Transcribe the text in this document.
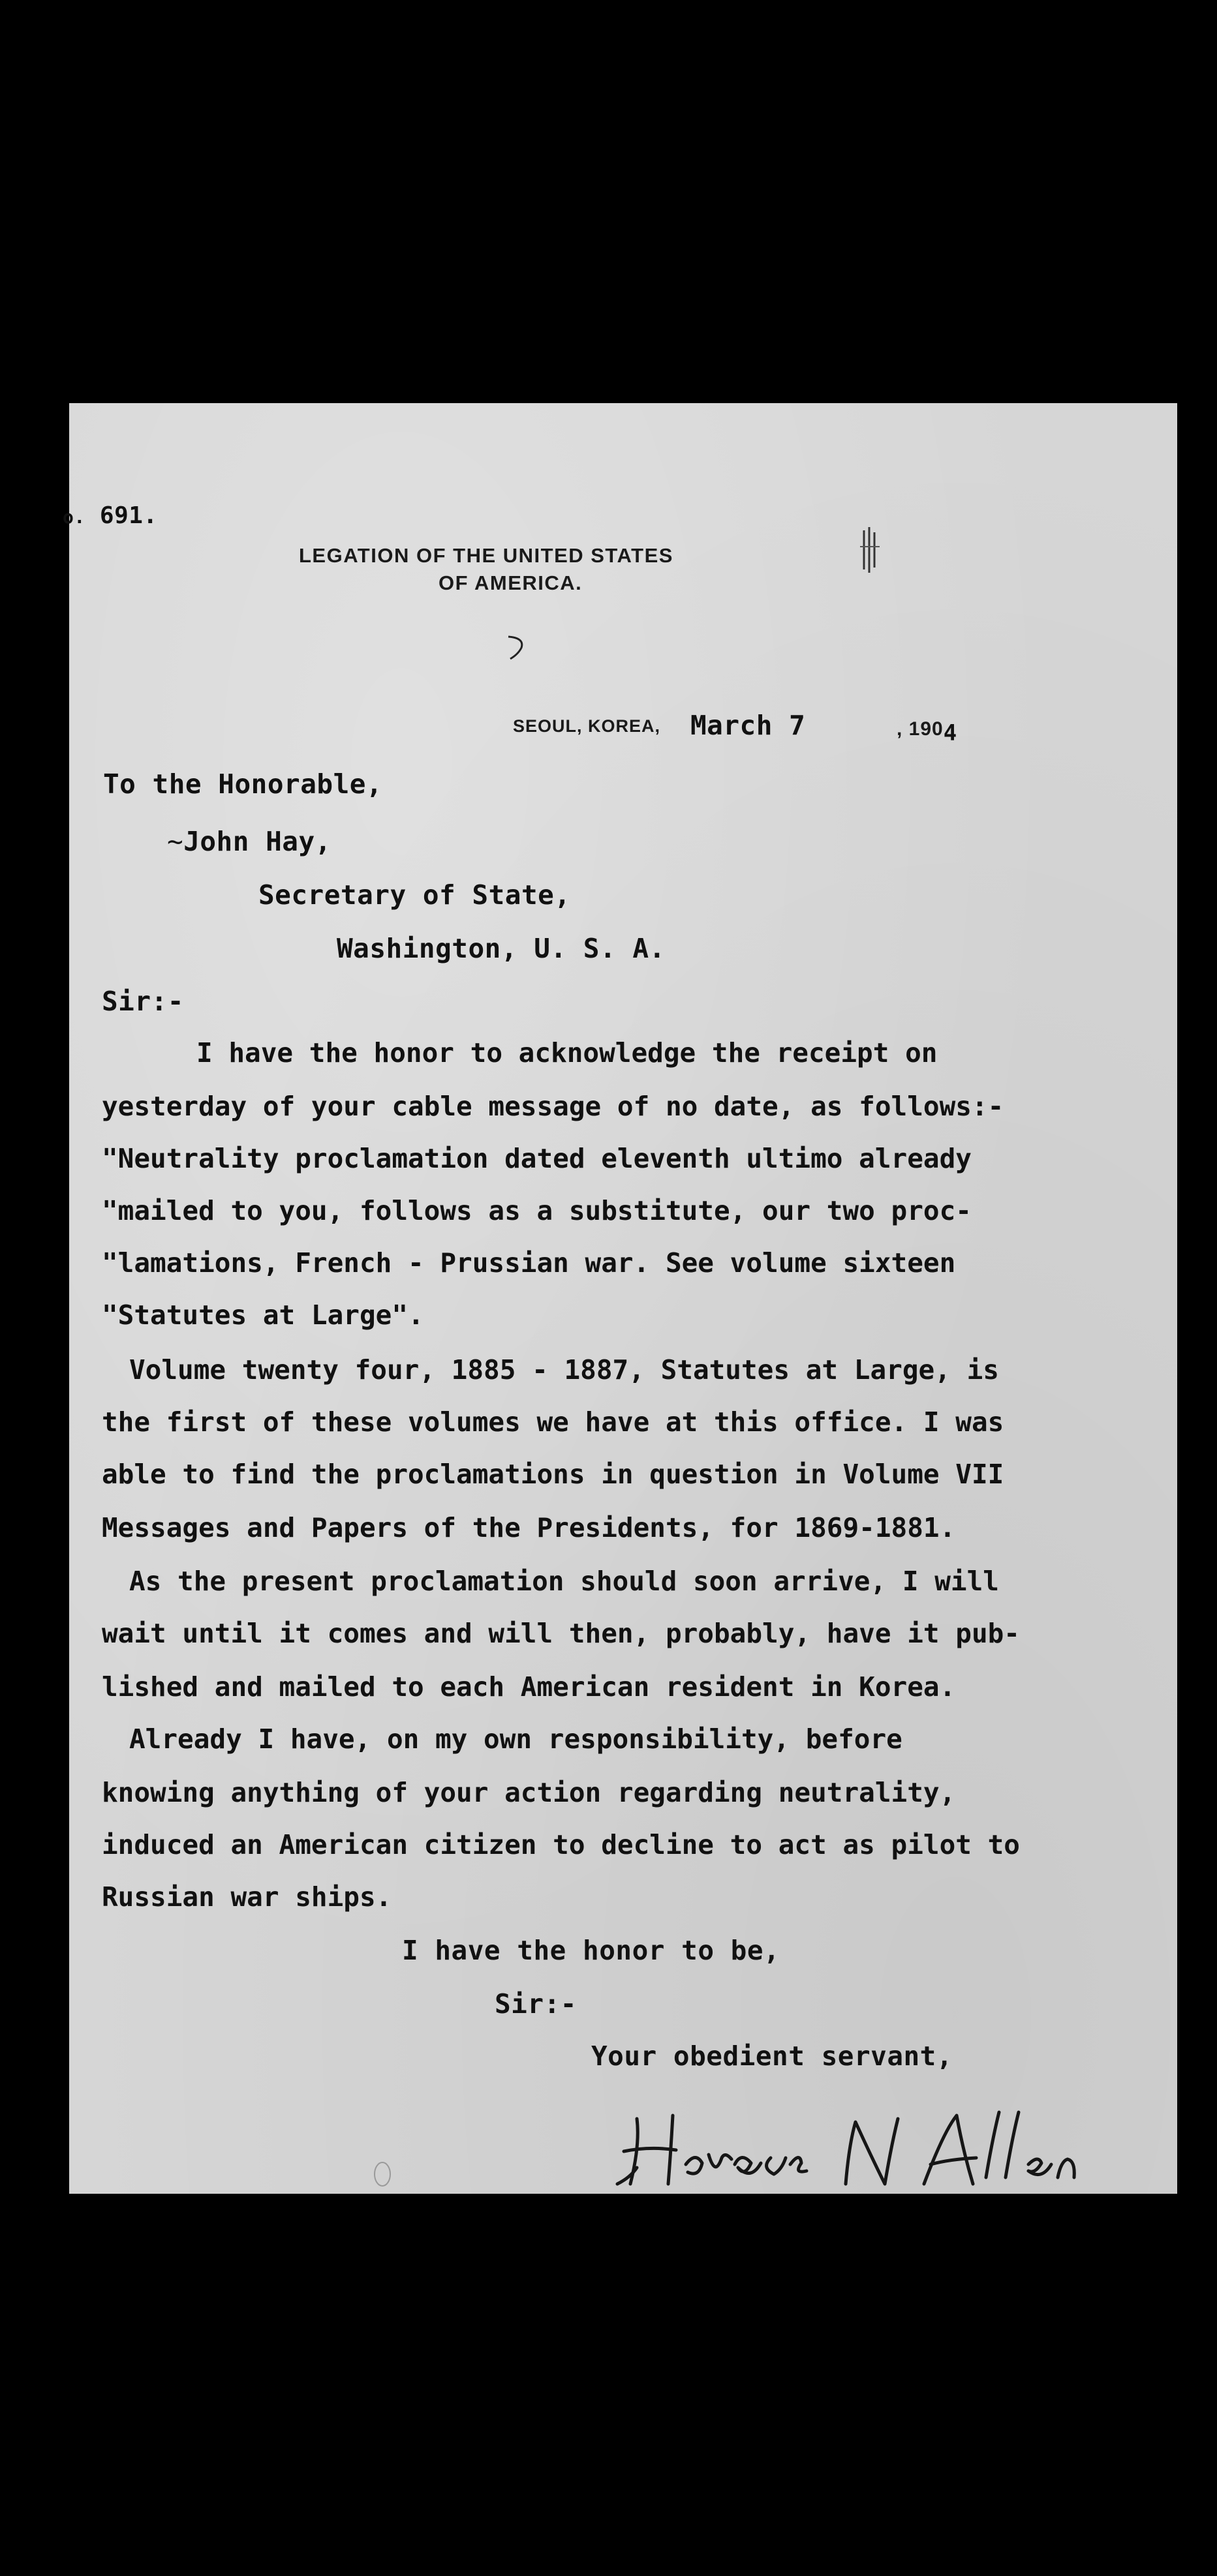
o. 691.
LEGATION OF THE UNITED STATES
OF AMERICA.
SEOUL, KOREA, March 7	, 1904
To the Honorable,
~John Hay,
Secretary of State,
Washington, U. S. A.
Sir:-
I have the honor to acknowledge the receipt on
yesterday of your cable message of no date, as follows:-
"Neutrality proclamation dated eleventh ultimo already
"mailed to you, follows as a substitute, our two proc-
"lamations, French - Prussian war. See volume sixteen
"Statutes at Large".
Volume twenty four, 1885 - 1887, Statutes at Large, is
the first of these volumes we have at this office. I was
able to find the proclamations in question in Volume VII
Messages and Papers of the Presidents, for 1869-1881.
As the present proclamation should soon arrive, I will
wait until it comes and will then, probably, have it pub-
lished and mailed to each American resident in Korea.
Already I have, on my own responsibility, before
knowing anything of your action regarding neutrality,
induced an American citizen to decline to act as pilot to
Russian war ships.
I have the honor to be,
Sir:-
Your obedient servant,
